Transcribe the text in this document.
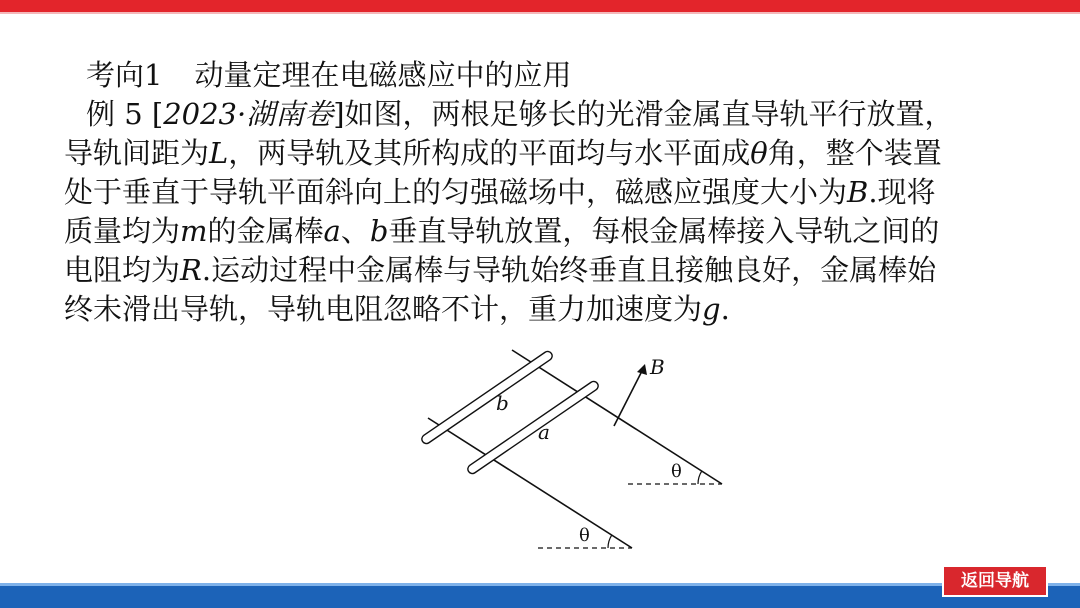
考向1 动量定理在电磁感应中的应用
例 5 [2023·湖南卷]如图，两根足够长的光滑金属直导轨平行放置，
导轨间距为L，两导轨及其所构成的平面均与水平面成θ角，整个装置
处于垂直于导轨平面斜向上的匀强磁场中，磁感应强度大小为B.现将
质量均为m的金属棒a、b垂直导轨放置，每根金属棒接入导轨之间的
电阻均为R.运动过程中金属棒与导轨始终垂直且接触良好，金属棒始
终未滑出导轨，导轨电阻忽略不计，重力加速度为g.
b
a
B
θ
θ
返回导航
